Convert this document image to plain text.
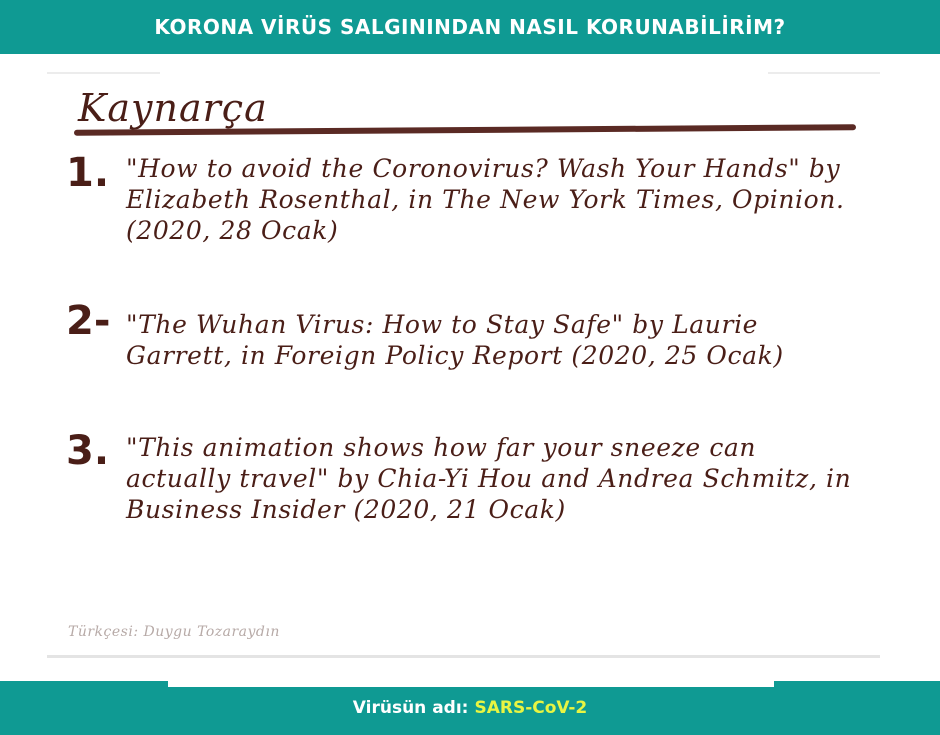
KORONA VİRÜS SALGININDAN NASIL KORUNABİLİRİM?
Kaynarça
1. "How to avoid the Coronovirus? Wash Your Hands" by Elizabeth Rosenthal, in The New York Times, Opinion. (2020, 28 Ocak)
2- "The Wuhan Virus: How to Stay Safe" by Laurie Garrett, in Foreign Policy Report (2020, 25 Ocak)
3. "This animation shows how far your sneeze can actually travel" by Chia-Yi Hou and Andrea Schmitz, in Business Insider (2020, 21 Ocak)
Türkçesi: Duygu Tozaraydın
Virüsün adı: SARS-CoV-2
